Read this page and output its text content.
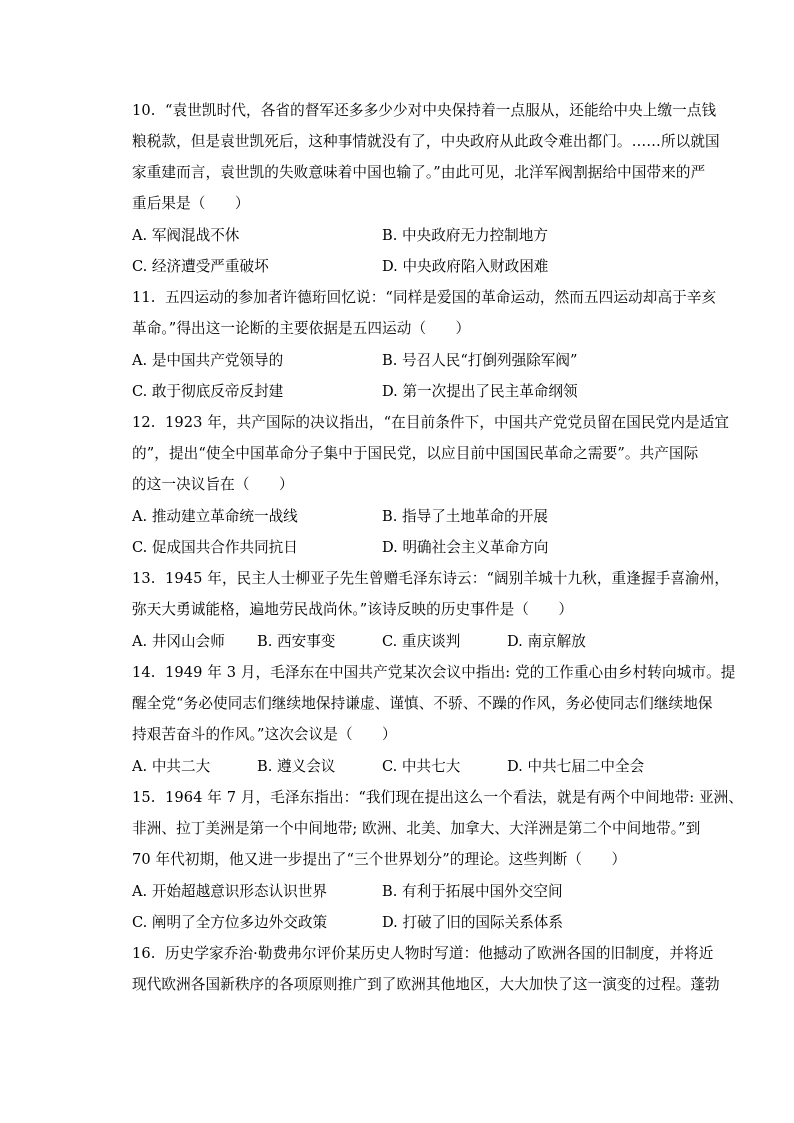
10.  “袁世凯时代，各省的督军还多多少少对中央保持着一点服从，还能给中央上缴一点钱
粮税款，但是袁世凯死后，这种事情就没有了，中央政府从此政令难出都门。……所以就国
家重建而言，袁世凯的失败意味着中国也输了。”由此可见，北洋军阀割据给中国带来的严
重后果是（　　）
A. 军阀混战不休	B. 中央政府无力控制地方
C. 经济遭受严重破坏	D. 中央政府陷入财政困难
11.  五四运动的参加者许德珩回忆说：“同样是爱国的革命运动，然而五四运动却高于辛亥
革命。”得出这一论断的主要依据是五四运动（　　）
A. 是中国共产党领导的	B. 号召人民“打倒列强除军阀”
C. 敢于彻底反帝反封建	D. 第一次提出了民主革命纲领
12.  1923 年，共产国际的决议指出，“在目前条件下，中国共产党党员留在国民党内是适宜
的”，提出“使全中国革命分子集中于国民党，以应目前中国国民革命之需要”。共产国际
的这一决议旨在（　　）
A. 推动建立革命统一战线	B. 指导了土地革命的开展
C. 促成国共合作共同抗日	D. 明确社会主义革命方向
13.  1945 年，民主人士柳亚子先生曾赠毛泽东诗云：“阔别羊城十九秋，重逢握手喜渝州，
弥天大勇诚能格，遍地劳民战尚休。”该诗反映的历史事件是（　　）
A. 井冈山会师 B. 西安事变	C. 重庆谈判	D. 南京解放
14.  1949 年 3 月，毛泽东在中国共产党某次会议中指出: 党的工作重心由乡村转向城市。提
醒全党“务必使同志们继续地保持谦虚、谨慎、不骄、不躁的作风，务必使同志们继续地保
持艰苦奋斗的作风。”这次会议是（　　）
A. 中共二大	B. 遵义会议	C. 中共七大	D. 中共七届二中全会
15.  1964 年 7 月，毛泽东指出：“我们现在提出这么一个看法，就是有两个中间地带: 亚洲、
非洲、拉丁美洲是第一个中间地带; 欧洲、北美、加拿大、大洋洲是第二个中间地带。”到
70 年代初期，他又进一步提出了“三个世界划分”的理论。这些判断（　　）
A. 开始超越意识形态认识世界	B. 有利于拓展中国外交空间
C. 阐明了全方位多边外交政策	D. 打破了旧的国际关系体系
16.  历史学家乔治·勒费弗尔评价某历史人物时写道：他撼动了欧洲各国的旧制度，并将近
现代欧洲各国新秩序的各项原则推广到了欧洲其他地区，大大加快了这一演变的过程。蓬勃
